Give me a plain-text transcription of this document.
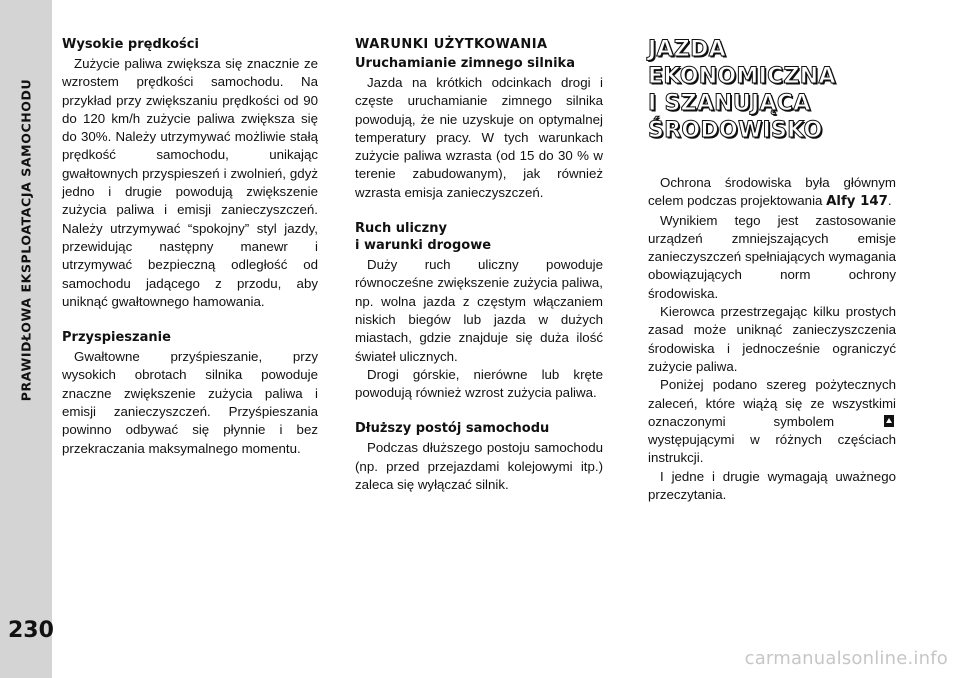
PRAWIDŁOWA EKSPLOATACJA SAMOCHODU
230
Wysokie prędkości

Zużycie paliwa zwiększa się znacznie ze wzrostem prędkości samochodu. Na przykład przy zwiększaniu prędkości od 90 do 120 km/h zużycie paliwa zwiększa się do 30%. Należy utrzymywać możliwie stałą prędkość samochodu, unikając gwałtownych przyspieszeń i zwolnień, gdyż jedno i drugie powodują zwiększenie zużycia paliwa i emisji zanieczyszczeń. Należy utrzymywać “spokojny” styl jazdy, przewidując następny manewr i utrzymywać bezpieczną odległość od samochodu jadącego z przodu, aby uniknąć gwałtownego hamowania.

Przyspieszanie

Gwałtowne przyśpieszanie, przy wysokich obrotach silnika powoduje znaczne zwiększenie zużycia paliwa i emisji zanieczyszczeń. Przyśpieszania powinno odbywać się płynnie i bez przekraczania maksymalnego momentu.

WARUNKI UŻYTKOWANIA
Uruchamianie zimnego silnika

Jazda na krótkich odcinkach drogi i częste uruchamianie zimnego silnika powodują, że nie uzyskuje on optymalnej temperatury pracy. W tych warunkach zużycie paliwa wzrasta (od 15 do 30 % w terenie zabudowanym), jak również wzrasta emisja zanieczyszczeń.

Ruch uliczny
i warunki drogowe

Duży ruch uliczny powoduje równocześne zwiększenie zużycia paliwa, np. wolna jazda z częstym włączaniem niskich biegów lub jazda w dużych miastach, gdzie znajduje się duża ilość świateł ulicznych.

Drogi górskie, nierówne lub kręte powodują również wzrost zużycia paliwa.

Dłuższy postój samochodu

Podczas dłuższego postoju samochodu (np. przed przejazdami kolejowymi itp.) zaleca się wyłączać silnik.

JAZDA EKONOMICZNA
I SZANUJĄCA
ŚRODOWISKO

Ochrona środowiska była głównym celem podczas projektowania Alfy 147.

Wynikiem tego jest zastosowanie urządzeń zmniejszających emisje zanieczyszczeń spełniających wymagania obowiązujących norm ochrony środowiska.

Kierowca przestrzegając kilku prostych zasad może uniknąć zanieczyszczenia środowiska i jednocześnie ograniczyć zużycie paliwa.

Poniżej podano szereg pożytecznych zaleceń, które wiążą się ze wszystkimi oznaczonymi symbolem  występującymi w różnych częściach instrukcji.

I jedne i drugie wymagają uważnego przeczytania.

carmanualsonline.info
